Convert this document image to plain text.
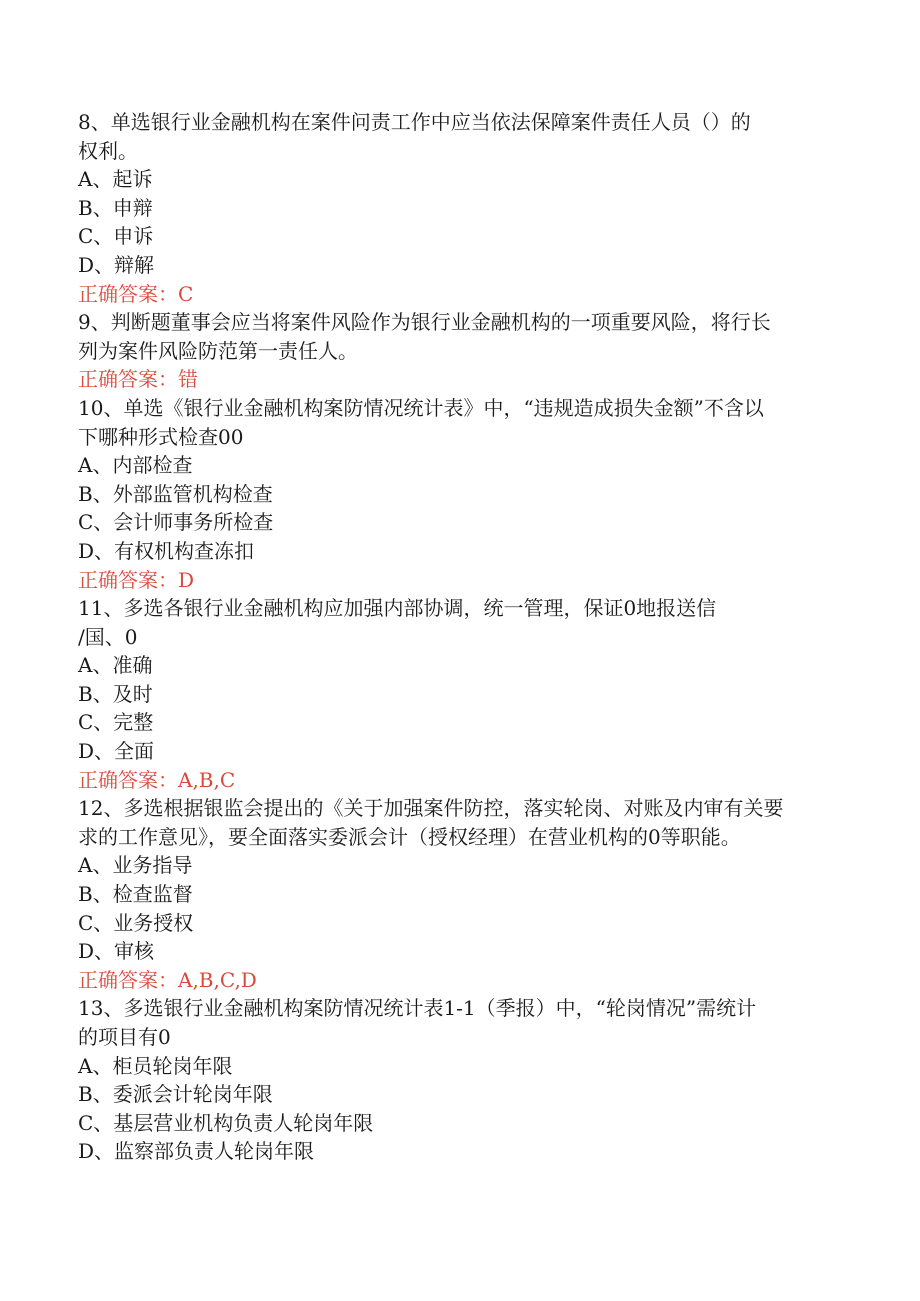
8、单选银行业金融机构在案件问责工作中应当依法保障案件责任人员（）的
权利。
A、起诉
B、申辩
C、申诉
D、辩解
正确答案：C
9、判断题董事会应当将案件风险作为银行业金融机构的一项重要风险，将行长
列为案件风险防范第一责任人。
正确答案：错
10、单选《银行业金融机构案防情况统计表》中，“违规造成损失金额”不含以
下哪种形式检查00
A、内部检查
B、外部监管机构检查
C、会计师事务所检查
D、有权机构查冻扣
正确答案：D
11、多选各银行业金融机构应加强内部协调，统一管理，保证0地报送信
/国、0
A、准确
B、及时
C、完整
D、全面
正确答案：A,B,C
12、多选根据银监会提出的《关于加强案件防控，落实轮岗、对账及内审有关要
求的工作意见》，要全面落实委派会计（授权经理）在营业机构的0等职能。
A、业务指导
B、检查监督
C、业务授权
D、审核
正确答案：A,B,C,D
13、多选银行业金融机构案防情况统计表1-1（季报）中，“轮岗情况”需统计
的项目有0
A、柜员轮岗年限
B、委派会计轮岗年限
C、基层营业机构负责人轮岗年限
D、监察部负责人轮岗年限
